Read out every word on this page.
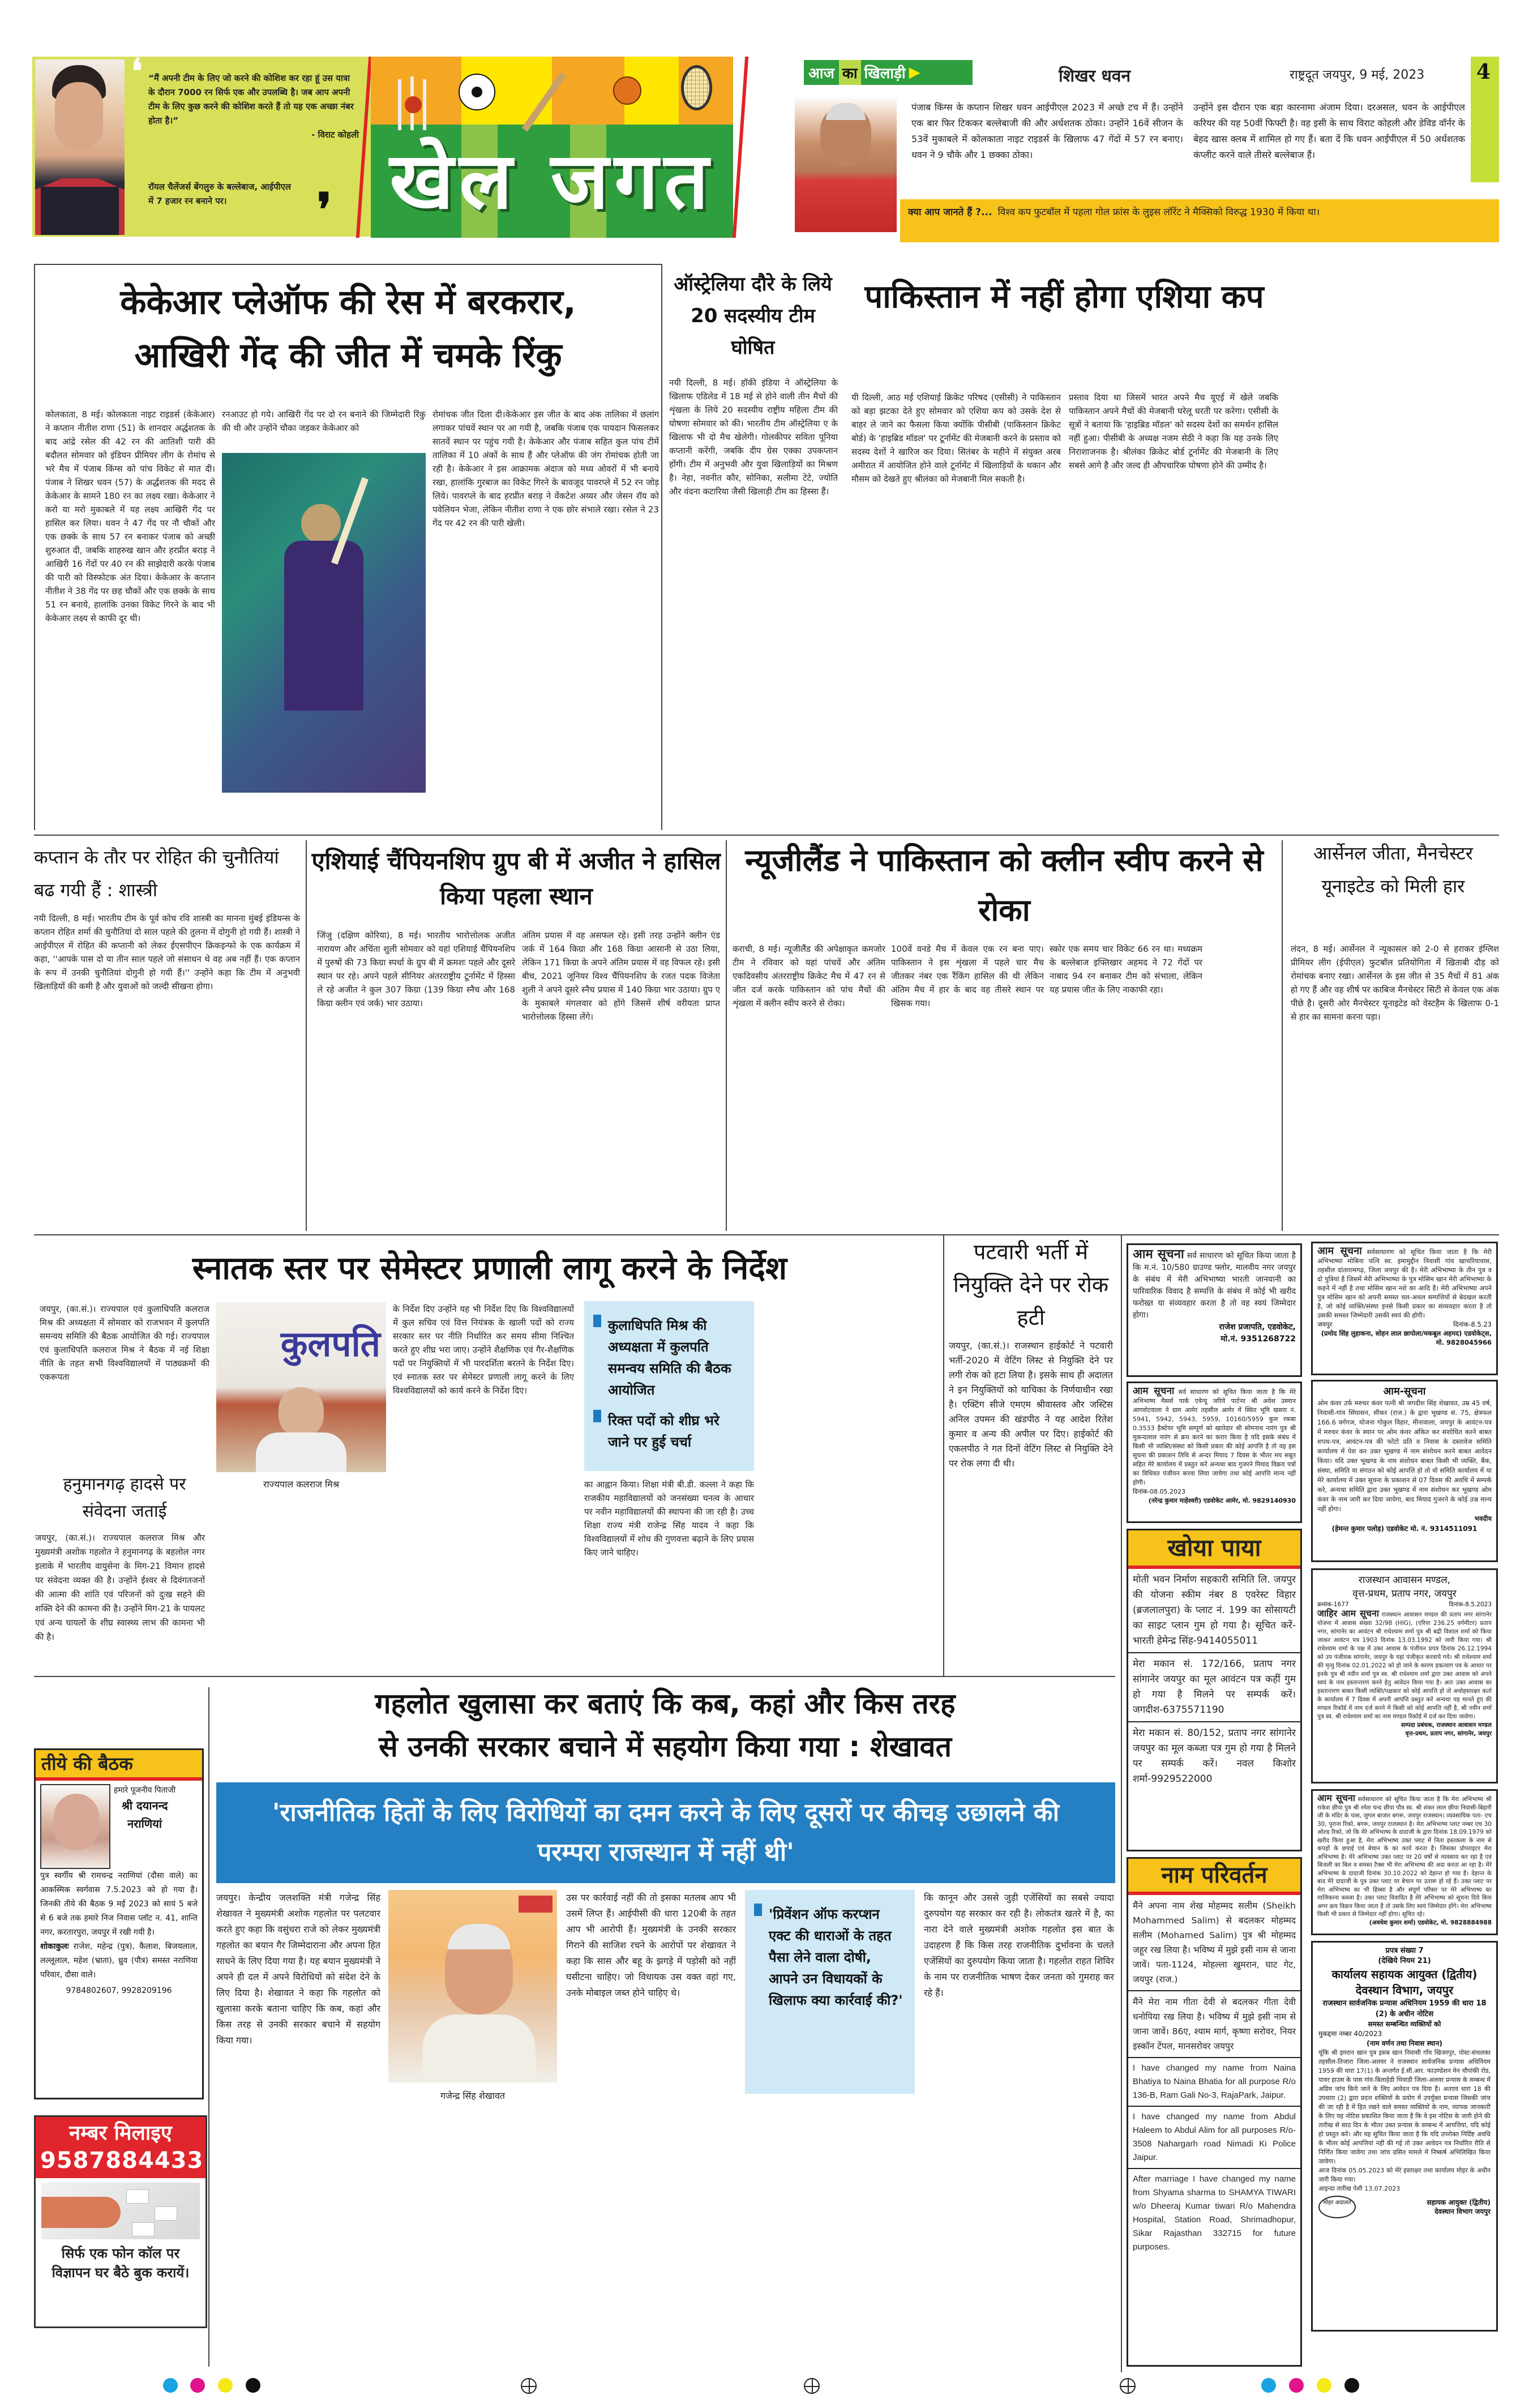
❛ “मैं अपनी टीम के लिए जो करने की कोशिश कर रहा हूं उस यात्रा के दौरान 7000 रन सिर्फ एक और उपलब्धि है। जब आप अपनी टीम के लिए कुछ करने की कोशिश करते हैं तो यह एक अच्छा नंबर होता है।”
- विराट कोहली
रॉयल चैलेंजर्स बेंगलुरु के बल्लेबाज, आईपीएल में 7 हजार रन बनाने पर।	❜ खेल जगत
आज का खिलाड़ी ▶	शिखर धवन	राष्ट्रदूत जयपुर, 9 मई, 2023	4
पंजाब किंग्स के कप्तान शिखर धवन आईपीएल 2023 में अच्छे टच में हैं। उन्होंने एक बार फिर टिककर बल्लेबाजी की और अर्धशतक ठोका। उन्होंने 16वें सीजन के 53वें मुकाबले में कोलकाता नाइट राइडर्स के खिलाफ 47 गेंदों में 57 रन बनाए। धवन ने 9 चौके और 1 छक्का ठोका।
उन्होंने इस दौरान एक बड़ा कारनामा अंजाम दिया। दरअसल, धवन के आईपीएल करियर की यह 50वीं फिफ्टी है। वह इसी के साथ विराट कोहली और डेविड वॉर्नर के बेहद खास क्लब में शामिल हो गए हैं। बता दें कि धवन आईपीएल में 50 अर्धशतक कंप्लीट करने वाले तीसरे बल्लेबाज हैं।
क्या आप जानते हैं ?... विश्व कप फुटबॉल में पहला गोल फ्रांस के लुइस लॉरेंट ने मैक्सिको विरुद्ध 1930 में किया था।
केकेआर प्लेऑफ की रेस में बरकरार,
आखिरी गेंद की जीत में चमके रिंकु
कोलकाता, 8 मई। कोलकाता नाइट राइडर्स (केकेआर) ने कप्तान नीतीश राणा (51) के शानदार अर्द्धशतक के बाद आंद्रे रसेल की 42 रन की आतिशी पारी की बदौलत सोमवार को इंडियन प्रीमियर लीग के रोमांच से भरे मैच में पंजाब किंग्स को पांच विकेट से मात दी। पंजाब ने शिखर धवन (57) के अर्द्धशतक की मदद से केकेआर के सामने 180 रन का लक्ष्य रखा। केकेआर ने करो या मरो मुकाबले में यह लक्ष्य आखिरी गेंद पर हासिल कर लिया। धवन ने 47 गेंद पर नौ चौकों और एक छक्के के साथ 57 रन बनाकर पंजाब को अच्छी शुरुआत दी, जबकि शाहरुख खान और हरप्रीत बराड़ ने आखिरी 16 गेंदों पर 40 रन की साझेदारी करके पंजाब की पारी को विस्फोटक अंत दिया। केकेआर के कप्तान नीतीश ने 38 गेंद पर छह चौकों और एक छक्के के साथ 51 रन बनाये, हालांकि उनका विकेट गिरने के बाद भी केकेआर लक्ष्य से काफी दूर थी।
रनआउट हो गये। आखिरी गेंद पर दो रन बनाने की जिम्मेदारी रिंकु की थी और उन्होंने चौका जड़कर केकेआर को
रोमांचक जीत दिला दी।केकेआर इस जीत के बाद अंक तालिका में छलांग लगाकर पांचवें स्थान पर आ गयी है, जबकि पंजाब एक पायदान फिसलकर सातवें स्थान पर पहुंच गयी है। केकेआर और पंजाब सहित कुल पांच टीमें तालिका में 10 अंकों के साथ हैं और प्लेऑफ की जंग रोमांचक होती जा रही है। केकेआर ने इस आक्रामक अंदाज को मध्य ओवरों में भी बनाये रखा, हालांकि गुरबाज का विकेट गिरने के बावजूद पावरप्ले में 52 रन जोड़ लिये। पावरप्ले के बाद हरप्रीत बराड़ ने वेंकटेश अय्यर और जेसन रॉय को पवेलियन भेजा, लेकिन नीतीश राणा ने एक छोर संभाले रखा। रसेल ने 23 गेंद पर 42 रन की पारी खेली।
ऑस्ट्रेलिया दौरे के लिये 20 सदस्यीय टीम घोषित
नयी दिल्ली, 8 मई। हॉकी इंडिया ने ऑस्ट्रेलिया के खिलाफ एडिलेड में 18 मई से होने वाली तीन मैचों की शृंखला के लिये 20 सदस्यीय राष्ट्रीय महिला टीम की घोषणा सोमवार को की। भारतीय टीम ऑस्ट्रेलिया ए के खिलाफ भी दो मैच खेलेगी। गोलकीपर सविता पूनिया कप्तानी करेंगी, जबकि दीप ग्रेस एक्का उपकप्तान होंगी। टीम में अनुभवी और युवा खिलाड़ियों का मिश्रण है। नेहा, नवनीत कौर, सोनिका, सलीमा टेटे, ज्योति और वंदना कटारिया जैसी खिलाड़ी टीम का हिस्सा हैं।
पाकिस्तान में नहीं होगा एशिया कप
यी दिल्ली, आठ मई एशियाई क्रिकेट परिषद (एसीसी) ने पाकिस्तान को बड़ा झटका देते हुए सोमवार को एशिया कप को उसके देश से बाहर ले जाने का फैसला किया क्योंकि पीसीबी (पाकिस्तान क्रिकेट बोर्ड) के 'हाइब्रिड मॉडल' पर टूर्नामेंट की मेजबानी करने के प्रस्ताव को सदस्य देशों ने खारिज कर दिया। सितंबर के महीने में संयुक्त अरब अमीरात में आयोजित होने वाले टूर्नामेंट में खिलाड़ियों के थकान और मौसम को देखते हुए श्रीलंका को मेजबानी मिल सकती है।
प्रस्ताव दिया था जिसमें भारत अपने मैच यूएई में खेले जबकि पाकिस्तान अपने मैचों की मेजबानी घरेलू धरती पर करेगा। एसीसी के सूत्रों ने बताया कि 'हाइब्रिड मॉडल' को सदस्य देशों का समर्थन हासिल नहीं हुआ। पीसीबी के अध्यक्ष नजम सेठी ने कहा कि यह उनके लिए निराशाजनक है। श्रीलंका क्रिकेट बोर्ड टूर्नामेंट की मेजबानी के लिए सबसे आगे है और जल्द ही औपचारिक घोषणा होने की उम्मीद है।
कप्तान के तौर पर रोहित की चुनौतियां बढ गयी हैं : शास्त्री
नयी दिल्ली, 8 मई। भारतीय टीम के पूर्व कोच रवि शास्त्री का मानना मुंबई इंडियन्स के कप्तान रोहित शर्मा की चुनौतियां दो साल पहले की तुलना में दोगुनी हो गयी हैं। शास्त्री ने आईपीएल में रोहित की कप्तानी को लेकर ईएसपीएन क्रिकइन्फो के एक कार्यक्रम में कहा, ''आपके पास दो या तीन साल पहले जो संसाधन थे वह अब नहीं हैं। एक कप्तान के रूप में उनकी चुनौतियां दोगुनी हो गयी हैं।'' उन्होंने कहा कि टीम में अनुभवी खिलाड़ियों की कमी है और युवाओं को जल्दी सीखना होगा।
एशियाई चैंपियनशिप ग्रुप बी में अजीत ने हासिल किया पहला स्थान
जिंजु (दक्षिण कोरिया), 8 मई। भारतीय भारोत्तोलक अजीत नारायण और अचिंता शुली सोमवार को यहां एशियाई चैंपियनशिप में पुरुषों की 73 किग्रा स्पर्धा के ग्रुप बी में क्रमशः पहले और दूसरे स्थान पर रहे। अपने पहले सीनियर अंतरराष्ट्रीय टूर्नामेंट में हिस्सा ले रहे अजीत ने कुल 307 किग्रा (139 किग्रा स्नैच और 168 किग्रा क्लीन एवं जर्क) भार उठाया।
अंतिम प्रयास में वह असफल रहे। इसी तरह उन्होंने क्लीन एंड जर्क में 164 किग्रा और 168 किग्रा आसानी से उठा लिया, लेकिन 171 किग्रा के अपने अंतिम प्रयास में वह विफल रहे। इसी बीच, 2021 जूनियर विश्व चैंपियनशिप के रजत पदक विजेता शुली ने अपने दूसरे स्नैच प्रयास में 140 किग्रा भार उठाया। ग्रुप ए के मुकाबले मंगलवार को होंगे जिसमें शीर्ष वरीयता प्राप्त भारोत्तोलक हिस्सा लेंगे।
न्यूजीलैंड ने पाकिस्तान को क्लीन स्वीप करने से रोका
कराची, 8 मई। न्यूजीलैंड की अपेक्षाकृत कमजोर टीम ने रविवार को यहां पांचवें और अंतिम एकदिवसीय अंतरराष्ट्रीय क्रिकेट मैच में 47 रन से जीत दर्ज करके पाकिस्तान को पांच मैचों की शृंखला में क्लीन स्वीप करने से रोका।
100वें वनडे मैच में केवल एक रन बना पाए। पाकिस्तान ने इस शृंखला में पहले चार मैच जीतकर नंबर एक रैंकिंग हासिल की थी लेकिन अंतिम मैच में हार के बाद वह तीसरे स्थान पर खिसक गया।
स्कोर एक समय चार विकेट 66 रन था। मध्यक्रम के बल्लेबाज इफ्तिखार अहमद ने 72 गेंदों पर नाबाद 94 रन बनाकर टीम को संभाला, लेकिन यह प्रयास जीत के लिए नाकाफी रहा।
आर्सेनल जीता, मैनचेस्टर यूनाइटेड को मिली हार
लंदन, 8 मई। आर्सेनल ने न्यूकासल को 2-0 से हराकर इंग्लिश प्रीमियर लीग (ईपीएल) फुटबॉल प्रतियोगिता में खिताबी दौड़ को रोमांचक बनाए रखा। आर्सेनल के इस जीत से 35 मैचों में 81 अंक हो गए हैं और वह शीर्ष पर काबिज मैनचेस्टर सिटी से केवल एक अंक पीछे है। दूसरी ओर मैनचेस्टर यूनाइटेड को वेस्टहैम के खिलाफ 0-1 से हार का सामना करना पड़ा।
स्नातक स्तर पर सेमेस्टर प्रणाली लागू करने के निर्देश
जयपुर, (का.सं.)। राज्यपाल एवं कुलाधिपति कलराज मिश्र की अध्यक्षता में सोमवार को राजभवन में कुलपति समन्वय समिति की बैठक आयोजित की गई। राज्यपाल एवं कुलाधिपति कलराज मिश्र ने बैठक में नई शिक्षा नीति के तहत सभी विश्वविद्यालयों में पाठ्यक्रमों की एकरूपता
कुलपति
राज्यपाल कलराज मिश्र
के निर्देश दिए उन्होंने यह भी निर्देश दिए कि विश्वविद्यालयों में कुल सचिव एवं वित्त नियंत्रक के खाली पदों को राज्य सरकार स्तर पर नीति निर्धारित कर समय सीमा निश्चित करते हुए शीघ्र भरा जाए। उन्होंने शैक्षणिक एवं गैर-शैक्षणिक पदों पर नियुक्तियों में भी पारदर्शिता बरतने के निर्देश दिए। एवं स्नातक स्तर पर सेमेस्टर प्रणाली लागू करने के लिए विश्वविद्यालयों को कार्य करने के निर्देश दिए।
कुलाधिपति मिश्र की अध्यक्षता में कुलपति समन्वय समिति की बैठक आयोजित
रिक्त पदों को शीघ्र भरे जाने पर हुई चर्चा
का आह्वान किया। शिक्षा मंत्री बी.डी. कल्ला ने कहा कि राजकीय महाविद्यालयों को जनसंख्या घनत्व के आधार पर नवीन महाविद्यालयों की स्थापना की जा रही है। उच्च शिक्षा राज्य मंत्री राजेन्द्र सिंह यादव ने कहा कि विश्वविद्यालयों में शोध की गुणवत्ता बढ़ाने के लिए प्रयास किए जाने चाहिए।
हनुमानगढ़ हादसे पर संवेदना जताई
जयपुर, (का.सं.)। राज्यपाल कलराज मिश्र और मुख्यमंत्री अशोक गहलोत ने हनुमानगढ़ के बहलोल नगर इलाके में भारतीय वायुसेना के मिग-21 विमान हादसे पर संवेदना व्यक्त की है। उन्होंने ईश्वर से दिवंगतजनों की आत्मा की शांति एवं परिजनों को दुःख सहने की शक्ति देने की कामना की है। उन्होंने मिग-21 के पायलट एवं अन्य घायलों के शीघ्र स्वास्थ्य लाभ की कामना भी की है।
पटवारी भर्ती में नियुक्ति देने पर रोक हटी
जयपुर, (का.सं.)। राजस्थान हाईकोर्ट ने पटवारी भर्ती-2020 में वेटिंग लिस्ट से नियुक्ति देने पर लगी रोक को हटा लिया है। इसके साथ ही अदालत ने इन नियुक्तियों को याचिका के निर्णयाधीन रखा है। एक्टिंग सीजे एमएम श्रीवास्तव और जस्टिस अनिल उपमन की खंडपीठ ने यह आदेश रितेश कुमार व अन्य की अपील पर दिए। हाईकोर्ट की एकलपीठ ने गत दिनों वेटिंग लिस्ट से नियुक्ति देने पर रोक लगा दी थी।
आम सूचना सर्व साधारण को सूचित किया जाता है कि म.नं. 10/580 ग्राउण्ड फ्लोर, मालवीय नगर जयपुर के संबंध में मेरी अभिभाष्या भारती जानयानी का पारिवारिक विवाद है सम्पत्ति के संबंध में कोई भी खरीद फरोख्त या संव्यवहार करता है तो वह स्वयं जिम्मेदार होगा।
राजेश प्रजापति, एडवोकेट,
मो.नं. 9351268722
आम सूचना सर्वसाधारण को सूचित किया जाता है कि मेरी अभिभाष्या मोबिना पत्नि स्व. इमामुद्दीन निवासी गांव खाचरियावास, तहसील दांतारामगढ़, जिला जयपुर की है। मेरी अभिभाष्या के तीन पुत्र व दो पुत्रियां है जिसमें मेरी अभिभाष्या के पुत्र मोसिम खान मेरी अभिभाष्या के कहने में नहीं है तथा मोसिम खान नशे का आदि है। मेरी अभिभाष्या अपने पुत्र मोसिम खान को अपनी समस्त चल-अचल सम्पत्तियों से बेदखल करती है, जो कोई व्यक्ति/संस्था इनसे किसी प्रकार का संव्यवहार करता है तो उसकी समस्त जिम्मेदारी उसकी स्वयं की होगी।
जयपुर	दिनांक-8.5.23
(प्रमोद सिंह लुहाकना, सोहन लाल छापोला/मकबूल अहमद) एडवोकेट्स, मो. 9828045966
आम सूचना सर्व साधारण को सूचित किया जाता है कि मेरे अभिभाष्य मैसर्स पार्क एवेन्यू जरिये पार्टनर श्री अवेश उस्मान आगवोटवाला ने ग्राम आमेर तहसील आमेर में स्थित भूमि खसरा नं. 5941, 5942, 5943, 5959, 10160/5959 कुल रकबा 0.3533 हैक्टेयर भूमि सम्पूर्ण को खातेदार श्री सोमनाथ नारंग पुत्र श्री मुकन्दलाल नारंग से क्रय करने का करार किया है यदि इसके संबंध में किसी भी व्यक्ति/संस्था को किसी प्रकार की कोई आपत्ति है तो वह इस सूचना की प्रकाशन तिथि से अन्दर मियाद 7 दिवस के भीतर मय सबूत सहित मेरे कार्यालय में प्रस्तुत करें अन्यथा बाद गुजरने मियाद विक्रय पत्रों का विधिवत पंजीयन करवा लिया जायेगा तथा कोई आपत्ति मान्य नहीं होगी।
दिनांक-08.05.2023
(नरेन्द्र कुमार माहेश्वरी) एडवोकेट आमेर, मो. 9829140930
आम-सूचना
ओम कंवर उर्फ मरुधर कंवर पत्नी श्री जगदीश सिंह शेखावत, उम्र 45 वर्ष, निवासी-गांव सिंघासन, सीकर (राज.) के द्वारा भूखण्ड सं. 75, क्षेत्रफल 166.6 वर्गगज, योजना गोकुल विहार, मीनावाला, जयपुर के आवंटन-पत्र में मरुधर कंवर के स्थान पर ओम कंवर अंकित कर संशोधित करने बाबत शपथ-पत्र, आवंटन-पत्र की फोटो प्रति व निवास के दस्तावेज समिति कार्यालय में पेश कर उक्त भूखण्ड में नाम संशोधन करने बाबत आवेदन किया। यदि उक्त भूखण्ड के नाम संशोधन बाबत किसी भी व्यक्ति, बैंक, संस्था, समिति या संगठन को कोई आपत्ति हो तो वो समिति कार्यालय में या मेरे कार्यालय में उक्त सूचना के प्रकाशन से 07 दिवस की अवधि में सम्पर्क करे, अन्यथा समिति द्वारा उक्त भूखण्ड में नाम संशोधन कर भूखण्ड ओम कंवर के नाम जारी कर दिया जायेगा, बाद मियाद गुजरने के कोई उज्र मान्य नहीं होगा।
भवदीय
(हेमन्त कुमार पलोड़) एडवोकेट मो. नं. 9314511091
खोया पाया
मोती भवन निर्माण सहकारी समिति लि. जयपुर की योजना स्कीम नंबर 8 एवरेस्ट विहार (ब्रजलालपुरा) के प्लाट नं. 199 का सोसायटी का साइट प्लान गुम हो गया है। सूचित करें-भारती हेमेन्द्र सिंह-9414055011
मेरा मकान सं. 172/166, प्रताप नगर सांगानेर जयपुर का मूल आवंटन पत्र कहीं गुम हो गया है मिलने पर सम्पर्क करें। जगदीश-6375571190
मेरा मकान सं. 80/152, प्रताप नगर सांगानेर जयपुर का मूल कब्जा पत्र गुम हो गया है मिलने पर सम्पर्क करें। नवल किशोर शर्मा-9929522000
राजस्थान आवासन मण्डल,
वृत्त-प्रथम, प्रताप नगर, जयपुर
क्रमांक-1677	दिनांक-8.5.2023
जाहिर आम सूचना राजस्थान आवासन मण्डल की प्रताप नगर सांगानेर योजना में आवास संख्या 32/98 (HIG), (एरिया 236.25 वर्गमीटर) प्रताप नगर, सांगानेर का आवंटन श्री राधेश्याम शर्मा पुत्र श्री बद्री विशाल शर्मा को किया जाकर आवंटन पत्र 1903 दिनांक 13.03.1992 को जारी किया गया। श्री राधेश्याम शर्मा के पक्ष में उक्त आवास के पंजीयन प्रपत्र दिनांक 26.12.1994 को उप पंजीयक सांगानेर, जयपुर के यहां पंजीकृत करवाये गये। श्री राधेश्याम शर्मा की मृत्यु दिनांक 02.01.2022 को हो जाने के कारण हकत्याग पत्र के आधार पर इनके पुत्र श्री नवीन शर्मा पुत्र स्व. श्री राधेश्याम शर्मा द्वारा उक्त आवास को अपने स्वयं के नाम हस्तान्तरण करने हेतु आवेदन किया गया है। अतः उक्त आवास का हस्तान्तरण बाबत किसी व्यक्ति/पक्षकार को कोई आपत्ति हो तो अधोहस्ताक्षर कर्ता के कार्यालय में 7 दिवस में अपनी आपत्ति प्रस्तुत करें अन्यथा यह मानते हुए की मण्डल रिकॉर्ड में नाम दर्ज करने में किसी को कोई आपत्ति नहीं है, श्री नवीन शर्मा पुत्र स्व. श्री राधेश्याम शर्मा का नाम मण्डल रिकॉर्ड में दर्ज कर दिया जावेगा।
सम्पदा प्रबंधक, राजस्थान आवासन मण्डल
वृत्त-प्रथम, प्रताप नगर, सांगानेर, जयपुर
आम सूचना सर्वसाधारण को सूचित किया जाता है कि मेरा अभिभाष्य श्री राकेश छीपा पुत्र श्री रमेश चन्द छीपा पौत्र स्व. श्री शंकर लाल छीपा निवासी-बिहारी जी के मंदिर के पास, जुगल बाजार बगरू, जयपुर राजस्थान। व्यवसायिक पता- एच 30, पुराना रिको, बगरू, जयपुर राजस्थान है। मेरा अभिभाष्य प्लाट नम्बर एच 30 ओल्ड रिको, जो कि मेरे अभिभाष्य के दादाजी के द्वारा दिनांक 18.09.1979 को खरीद किया हुआ है, मेरा अभिभाष्य उक्त प्लाट में निता हस्तकला के नाम से कपड़ों के छपाई एवं बेचान के का कार्य करता है। जिसका प्रोपराइटर मेरा अभिभाष्य है। मेरे अभिभाष्य उक्त प्लाट पर 20 वर्षों से व्यवसाय कर रहा है एवं बिजली का बिल व समस्त टैक्स भी मेरा अभिभाष्य की अदा करता आ रहा है। मेरे अभिभाष्य के दादाजी दिनांक 30.10.2022 को देहान्त हो गया है। देहान्त के बाद मेरे दादाजी के पुत्र उक्त प्लाट पर बेचान पर उतारू हो रहे हैं। उक्त प्लाट पर मेरा अभिभाष्य का भी हिस्सा है और संपूर्ण परिसर पर मेरे अभिभाष्य का मालिकाना कब्जा है। उक्त प्लाट विवादित है मेरे अभिभाष्य को सूचना दिये बिना अगर क्रय विक्रय किया जाता है तो उसके लिए स्वयं जिम्मेदार होंगे। मेरा अभिभाष्य किसी भी प्रकार से जिम्मेदार नहीं होगा। सूचित रहे।
(अवधेश कुमार शर्मा) एडवोकेट, मो. 9828884988
नाम परिवर्तन
मैंने अपना नाम शेख मोहम्मद सलीम (Sheikh Mohammed Salim) से बदलकर मोहम्मद सलीम (Mohamed Salim) पुत्र श्री मोहम्मद जहूर रख लिया है। भविष्य में मुझे इसी नाम से जाना जावें। पता-1124, मोहल्ला खुमरान, घाट गेट, जयपुर (राज.)
मैंने मेरा नाम गीता देवी से बदलकर गीता देवी धनोपिया रख लिया है। भविष्य में मुझे इसी नाम से जाना जावें। 86ए, श्याम मार्ग, कृष्णा सरोवर, नियर इस्कॉन टेंपल, मानसरोवर जयपुर
I have changed my name from Naina Bhatiya to Naina Bhatia for all purpose R/o 136-B, Ram Gali No-3, RajaPark, Jaipur.
I have changed my name from Abdul Haleem to Abdul Alim for all purposes R/o- 3508 Nahargarh road Nimadi Ki Police Jaipur.
After marriage I have changed my name from Shyama sharma to SHAMYA TIWARI w/o Dheeraj Kumar tiwari R/o Mahendra Hospital, Station Road, Shrimadhopur, Sikar Rajasthan 332715 for future purposes.
प्रपत्र संख्या 7
(देखिये नियम 21)
कार्यालय सहायक आयुक्त (द्वितीय) देवस्थान विभाग, जयपुर
राजस्थान सार्वजनिक प्रन्यास अधिनियम 1959 की धारा 18 (2) के अधीन नोटिस
समस्त सम्बन्धित व्यक्तियों को
मुकद्दमा नम्बर 40/2023
(नाम वर्णन तथा निवास स्थान)
चूंकि श्री इमरान खान पुत्र इसब खान निवासी गाँव खिजरपुर, पोस्ट-संथलका तहसील-तिजारा जिला-अलवर ने राजस्थान सार्वजनिक प्रन्यास अधिनियम 1959 की धारा 17(1) के अन्तर्गत ई.सी.आर. फाउण्डेशन मेन चौपांकी रोड, पावर हाउस के पास गांव-बिलाहेडी भिवाडी जिला-अलवर प्रन्यास के सम्बन्ध में अग्रिम जांच किये जाने के लिए आवेदन पत्र दिया है। अतएव धारा 18 की उपधारा (2) द्वारा प्रदत्त शक्तियों के प्रयोग में उपर्युक्त प्रन्यास जिसकी जांच की जा रही है में हित रखने वाले समस्त व्यक्तियों के नाम, व्यापक जानकारी के लिए यह नोटिस प्रकाशित किया जाता है कि वे इस नोटिस के जारी होने की तारीख से साठ दिन के भीतर उक्त प्रन्यास के सम्बन्ध में आपत्तियां, यदि कोई हो प्रस्तुत करें। और यह सूचित किया जाता है कि यदि उपरोक्त निर्दिष्ट अवधि के भीतर कोई आपत्तियां नहीं की गई तो उक्त आवेदन पत्र निर्धारित रीति से निर्णित किया जावेगा तथा जांच ग्रसित मामले में निष्कर्ष अभिलिखित किया जावेगा।
आज दिनांक 05.05.2023 को मेरे हस्ताक्षर तथा कार्यालय मोहर के अधीन जारी किया गया।
आइन्दा तारीख पेशी 13.07.2023
मोहर अदालत	सहायक आयुक्त (द्वितीय)
देवस्थान विभाग जयपुर
गहलोत खुलासा कर बताएं कि कब, कहां और किस तरह
से उनकी सरकार बचाने में सहयोग किया गया : शेखावत
'राजनीतिक हितों के लिए विरोधियों का दमन करने के लिए दूसरों पर कीचड़ उछालने की परम्परा राजस्थान में नहीं थी'
जयपुर। केन्द्रीय जलशक्ति मंत्री गजेन्द्र सिंह शेखावत ने मुख्यमंत्री अशोक गहलोत पर पलटवार करते हुए कहा कि वसुंधरा राजे को लेकर मुख्यमंत्री गहलोत का बयान गैर जिम्मेदाराना और अपना हित साधने के लिए दिया गया है। यह बयान मुख्यमंत्री ने अपने ही दल में अपने विरोधियों को संदेश देने के लिए दिया है। शेखावत ने कहा कि गहलोत को खुलासा करके बताना चाहिए कि कब, कहां और किस तरह से उनकी सरकार बचाने में सहयोग किया गया।
गजेन्द्र सिंह शेखावत
उस पर कार्रवाई नहीं की तो इसका मतलब आप भी उसमें लिप्त हैं। आईपीसी की धारा 120बी के तहत आप भी आरोपी हैं। मुख्यमंत्री के उनकी सरकार गिराने की साजिश रचने के आरोपों पर शेखावत ने कहा कि सास और बहू के झगड़े में पड़ोसी को नहीं घसीटना चाहिए। जो विधायक उस वक्त वहां गए, उनके मोबाइल जब्त होने चाहिए थे।
'प्रिवेंशन ऑफ करप्शन एक्ट की धाराओं के तहत पैसा लेने वाला दोषी, आपने उन विधायकों के खिलाफ क्या कार्रवाई की?'
कि कानून और उससे जुड़ी एजेंसियों का सबसे ज्यादा दुरुपयोग यह सरकार कर रही है। लोकतंत्र खतरे में है, का नारा देने वाले मुख्यमंत्री अशोक गहलोत इस बात के उदाहरण हैं कि किस तरह राजनीतिक दुर्भावना के चलते एजेंसियों का दुरुपयोग किया जाता है। गहलोत राहत शिविर के नाम पर राजनीतिक भाषण देकर जनता को गुमराह कर रहे हैं।
तीये की बैठक
हमारे पूजनीय पिताजी
श्री दयानन्द
नराणियां
पुत्र स्वर्गीय श्री रामचन्द्र नराणियां (दौसा वाले) का आकस्मिक स्वर्गवास 7.5.2023 को हो गया है। जिनकी तीये की बैठक 9 मई 2023 को सायं 5 बजे से 6 बजे तक हमारे निज निवास प्लॉट न. 41, शान्ति नगर, करतारपुरा, जयपुर में रखी गयी है।
शोकाकुलः राजेश, महेन्द्र (पुत्र), कैलाश, बिजयलाल, लल्लूलाल, महेश (भ्राता), ध्रुव (पौत्र) समस्त नराणिया परिवार, दौसा वाले।
9784802607, 9928209196
नम्बर मिलाइए
9587884433
सिर्फ एक फोन कॉल पर विज्ञापन घर बैठे बुक करायें।
